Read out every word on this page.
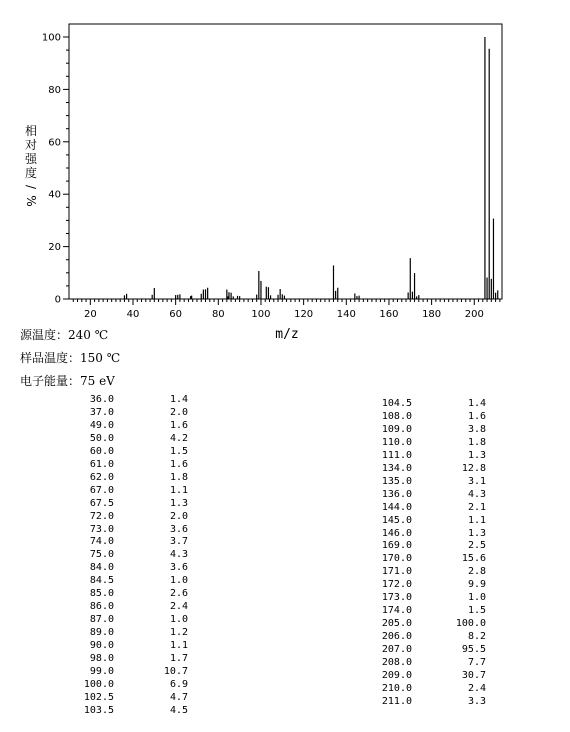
20	40	60	80	100 120 140 160 180 200
0
20
40
60
80
100
m/z
相
对
强
度
/
%
源温度：240 ℃
样品温度：150 ℃
电子能量：75 eV
36.0	1.4
37.0	2.0
49.0	1.6
50.0	4.2
60.0	1.5
61.0	1.6
62.0	1.8
67.0	1.1
67.5	1.3
72.0	2.0
73.0	3.6
74.0	3.7
75.0	4.3
84.0	3.6
84.5	1.0
85.0	2.6
86.0	2.4
87.0	1.0
89.0	1.2
90.0	1.1
98.0	1.7
99.0	10.7
100.0	6.9
102.5	4.7
103.5	4.5
104.5	1.4
108.0	1.6
109.0	3.8
110.0	1.8
111.0	1.3
134.0	12.8
135.0	3.1
136.0	4.3
144.0	2.1
145.0	1.1
146.0	1.3
169.0	2.5
170.0	15.6
171.0	2.8
172.0	9.9
173.0	1.0
174.0	1.5
205.0	100.0
206.0	8.2
207.0	95.5
208.0	7.7
209.0	30.7
210.0	2.4
211.0	3.3
